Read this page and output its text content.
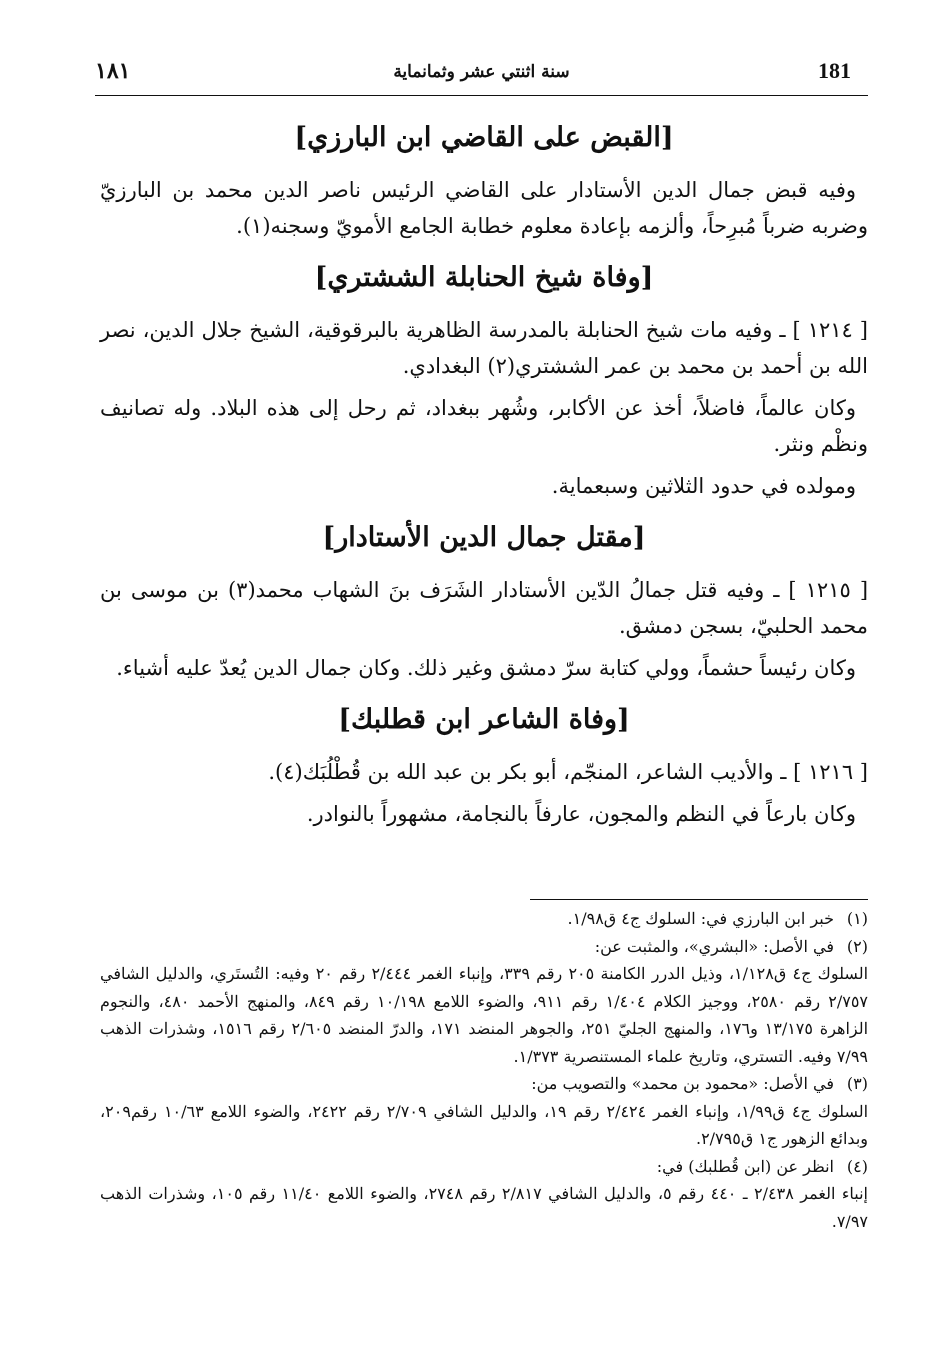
١٨١	سنة اثنتي عشر وثمانماية	181
[القبض على القاضي ابن البارزي]

وفيه قبض جمال الدين الأستادار على القاضي الرئيس ناصر الدين محمد بن البارزيّ وضربه ضرباً مُبرِحاً، وألزمه بإعادة معلوم خطابة الجامع الأمويّ وسجنه(١).

[وفاة شيخ الحنابلة الششتري]

[ ١٢١٤ ] ـ وفيه مات شيخ الحنابلة بالمدرسة الظاهرية بالبرقوقية، الشيخ جلال الدين، نصر الله بن أحمد بن محمد بن عمر الششتري(٢) البغدادي.

وكان عالماً، فاضلاً، أخذ عن الأكابر، وشُهر ببغداد، ثم رحل إلى هذه البلاد. وله تصانيف ونظْم ونثر.

ومولده في حدود الثلاثين وسبعماية.

[مقتل جمال الدين الأستادار]

[ ١٢١٥ ] ـ وفيه قتل جمالُ الدّين الأستادار الشَرَف بنَ الشهاب محمد(٣) بن موسى بن محمد الحلبيّ، بسجن دمشق.

وكان رئيساً حشماً، وولي كتابة سرّ دمشق وغير ذلك. وكان جمال الدين يُعدّ عليه أشياء.

[وفاة الشاعر ابن قطلبك]

[ ١٢١٦ ] ـ والأديب الشاعر، المنجّم، أبو بكر بن عبد الله بن قُطْلُبَك(٤).

وكان بارعاً في النظم والمجون، عارفاً بالنجامة، مشهوراً بالنوادر.

(١)خبر ابن البارزي في: السلوك ج٤ ق١/٩٨.

(٢)في الأصل: «البشري»، والمثبت عن:

السلوك ج٤ ق١/١٢٨، وذيل الدرر الكامنة ٢٠٥ رقم ٣٣٩، وإنباء الغمر ٢/٤٤٤ رقم ٢٠ وفيه: التُستَري، والدليل الشافي ٢/٧٥٧ رقم ٢٥٨٠، ووجيز الكلام ١/٤٠٤ رقم ٩١١، والضوء اللامع ١٠/١٩٨ رقم ٨٤٩، والمنهج الأحمد ٤٨٠، والنجوم الزاهرة ١٣/١٧٥ و١٧٦، والمنهج الجليّ ٢٥١، والجوهر المنضد ١٧١، والدرّ المنضد ٢/٦٠٥ رقم ١٥١٦، وشذرات الذهب ٧/٩٩ وفيه. التستري، وتاريخ علماء المستنصرية ١/٣٧٣.

(٣)في الأصل: «محمود بن محمد» والتصويب من:

السلوك ج٤ ق١/٩٩، وإنباء الغمر ٢/٤٢٤ رقم ١٩، والدليل الشافي ٢/٧٠٩ رقم ٢٤٢٢، والضوء اللامع ١٠/٦٣ رقم٢٠٩، وبدائع الزهور ج١ ق٢/٧٩٥.

(٤)انظر عن (ابن قُطلبك) في:

إنباء الغمر ٢/٤٣٨ ـ ٤٤٠ رقم ٥، والدليل الشافي ٢/٨١٧ رقم ٢٧٤٨، والضوء اللامع ١١/٤٠ رقم ١٠٥، وشذرات الذهب ٧/٩٧.
